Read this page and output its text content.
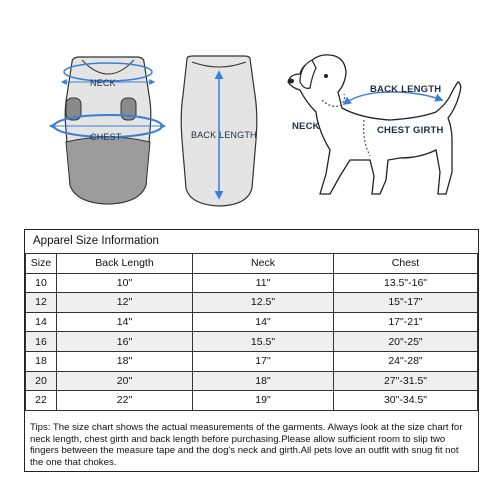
NECK
CHEST	BACK LENGTH
BACK LENGTH
NECK	CHEST GIRTH
Apparel Size Information
Size	Back Length	Neck	Chest
10	10"	11"	13.5"-16"
12	12"	12.5"	15"-17"
14	14"	14"	17"-21"
16	16"	15.5"	20"-25"
18	18"	17"	24"-28"
20	20"	18"	27"-31.5"
22	22"	19"	30"-34.5"
Tips: The size chart shows the actual measurements of the garments. Always look at the size chart for neck length, chest girth and back length before purchasing.Please allow sufficient room to slip two fingers between the measure tape and the dog's neck and girth.All pets love an outfit with snug fit not the one that chokes.
